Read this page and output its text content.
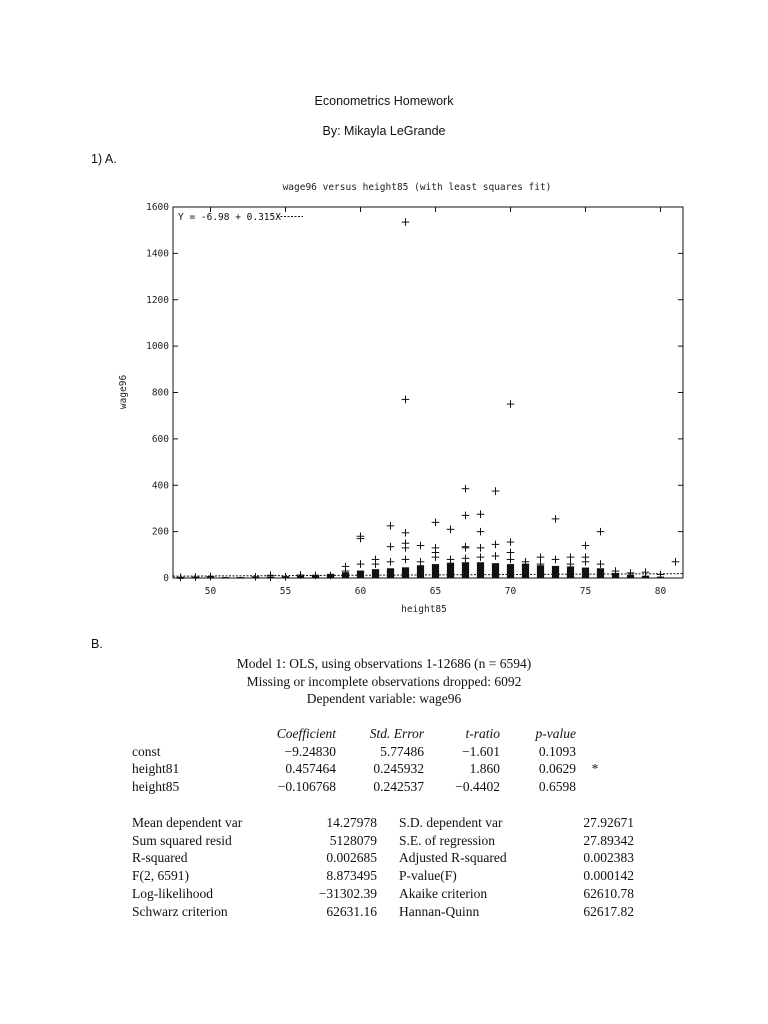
Econometrics Homework
By: Mikayla LeGrande
1) A.
wage96 versus height85 (with least squares fit)
wage96
height85
0
200
400
600
800
1000
1200
1400
1600
50	55	60	65	70	75	80
Y = -6.98 + 0.315X
B.
Model 1: OLS, using observations 1-12686 (n = 6594)
Missing or incomplete observations dropped: 6092
Dependent variable: wage96
	Coefficient	Std. Error	t-ratio	p-value	
const	−9.24830	5.77486	−1.601	0.1093	
height81	0.457464	0.245932	1.860	0.0629	*
height85	−0.106768	0.242537	−0.4402	0.6598	
Mean dependent var	14.27978		S.D. dependent var	27.92671
Sum squared resid	5128079		S.E. of regression	27.89342
R-squared	0.002685		Adjusted R-squared	0.002383
F(2, 6591)	8.873495		P-value(F)	0.000142
Log-likelihood	−31302.39		Akaike criterion	62610.78
Schwarz criterion	62631.16		Hannan-Quinn	62617.82
